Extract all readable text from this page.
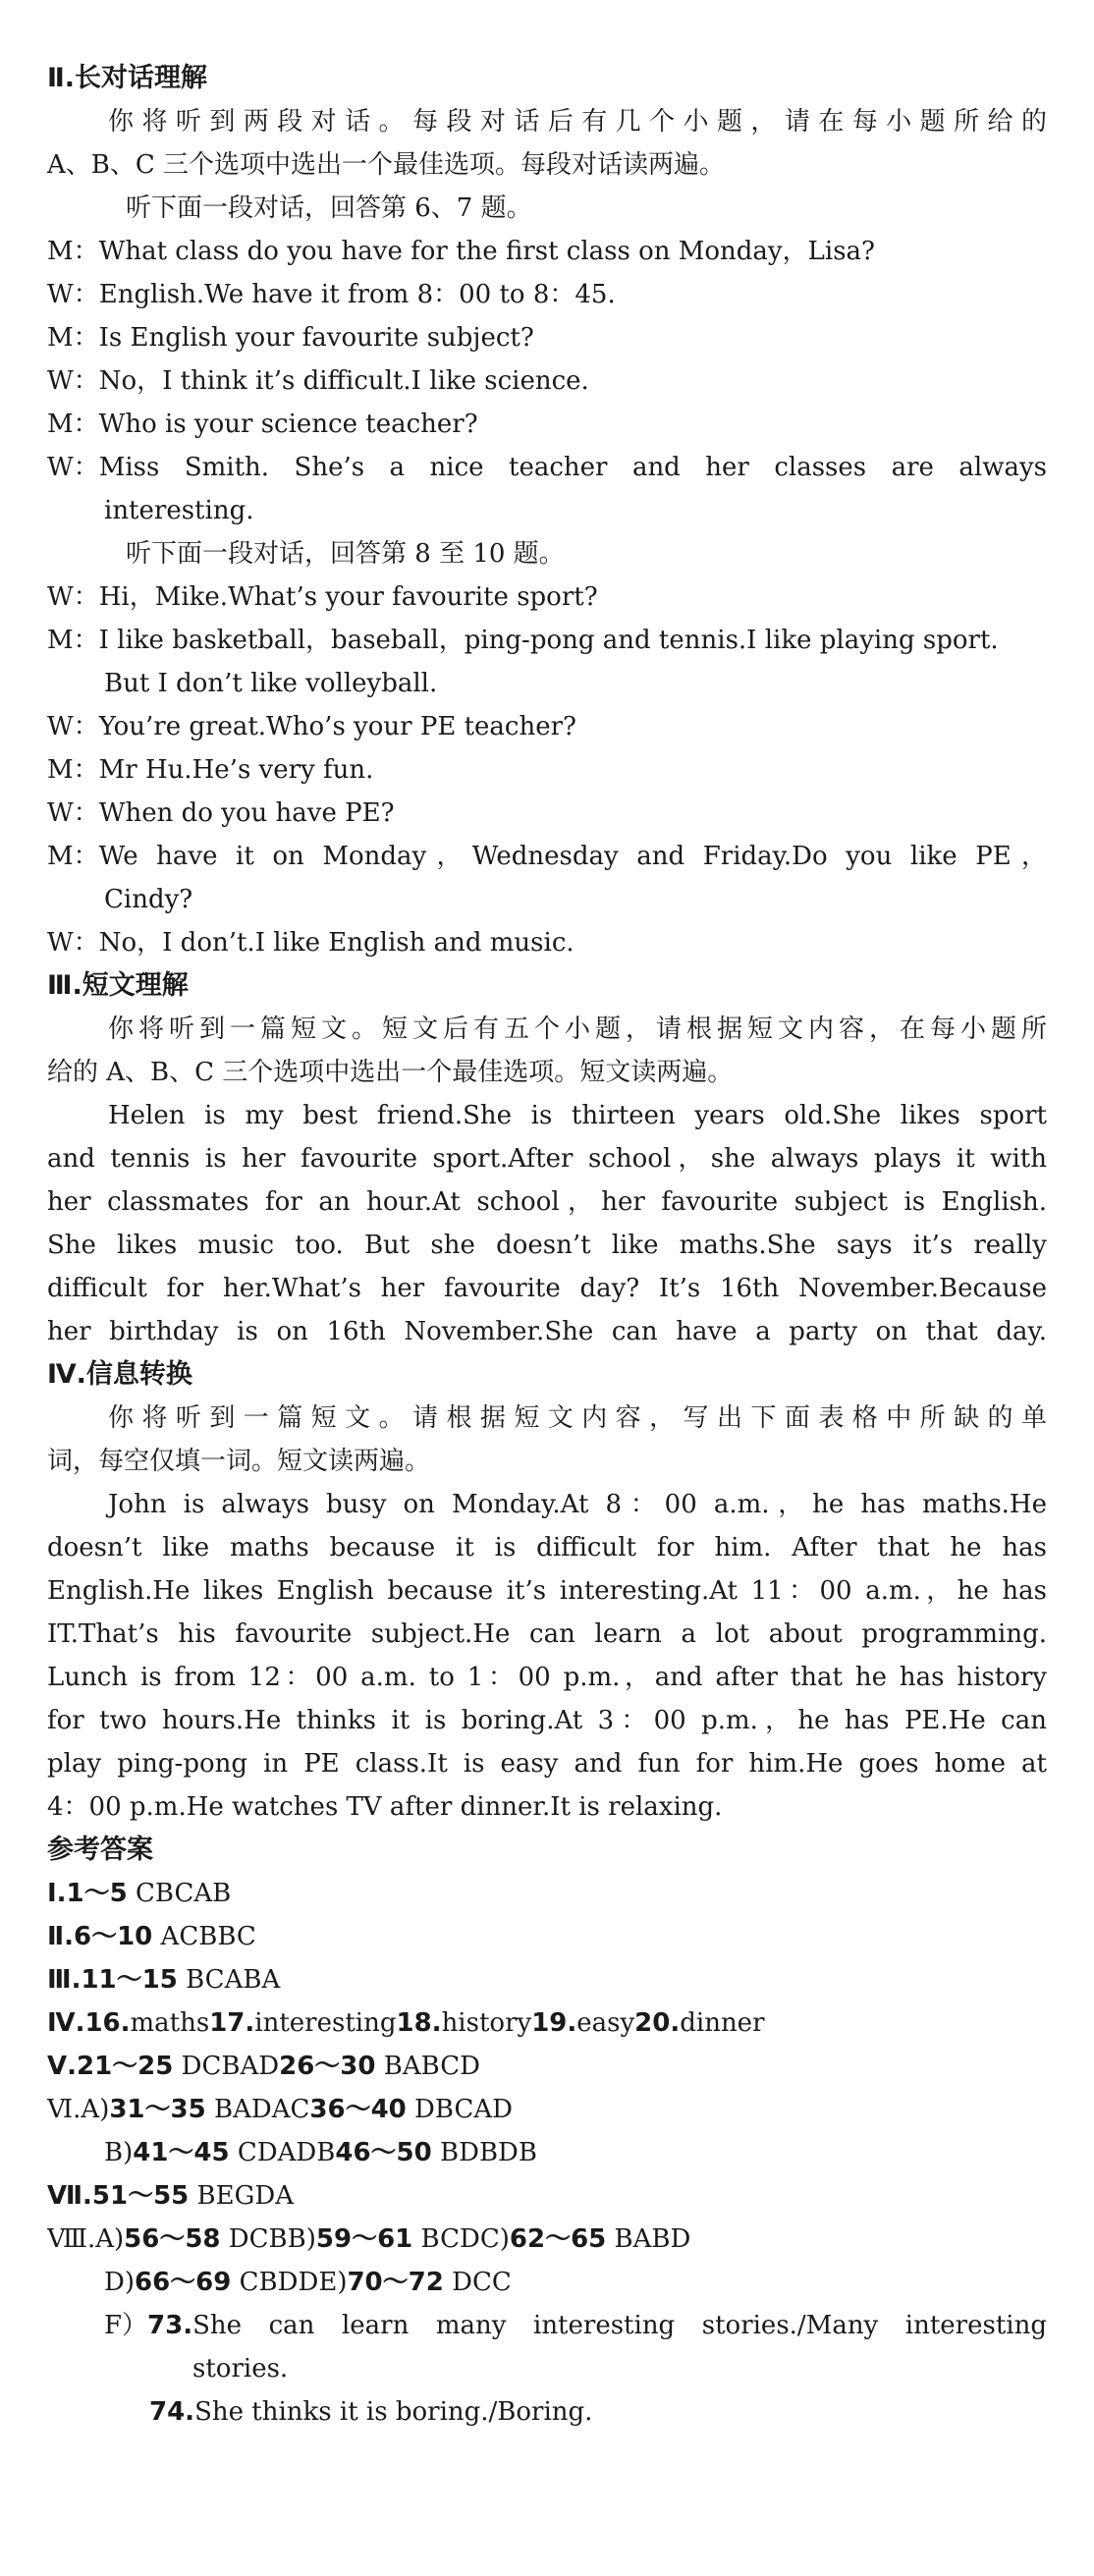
Ⅱ.长对话理解
你将听到两段对话。每段对话后有几个小题，请在每小题所给的
A、B、C 三个选项中选出一个最佳选项。每段对话读两遍。
听下面一段对话，回答第 6、7 题。
M： What class do you have for the first class on Monday，Lisa?
W： English.We have it from 8：00 to 8：45.
M： Is English your favourite subject?
W： No，I think it’s difficult.I like science.
M： Who is your science teacher?
W： Miss Smith. She’s a nice teacher and her classes are always
interesting.
听下面一段对话，回答第 8 至 10 题。
W： Hi，Mike.What’s your favourite sport?
M： I like basketball，baseball，ping-pong and tennis.I like playing sport.
But I don’t like volleyball.
W： You’re great.Who’s your PE teacher?
M： Mr Hu.He’s very fun.
W： When do you have PE?
M： We have it on Monday，Wednesday and Friday.Do you like PE，
Cindy?
W： No，I don’t.I like English and music.
Ⅲ.短文理解
你将听到一篇短文。短文后有五个小题，请根据短文内容，在每小题所
给的 A、B、C 三个选项中选出一个最佳选项。短文读两遍。
Helen is my best friend.She is thirteen years old.She likes sport
and tennis is her favourite sport.After school，she always plays it with
her classmates for an hour.At school，her favourite subject is English.
She likes music too. But she doesn’t like maths.She says it’s really
difficult for her.What’s her favourite day? It’s 16th November.Because
her birthday is on 16th November.She can have a party on that day.
Ⅳ.信息转换
你将听到一篇短文。请根据短文内容，写出下面表格中所缺的单
词，每空仅填一词。短文读两遍。
John is always busy on Monday.At 8：00 a.m.，he has maths.He
doesn’t like maths because it is difficult for him. After that he has
English.He likes English because it’s interesting.At 11：00 a.m.，he has
IT.That’s his favourite subject.He can learn a lot about programming.
Lunch is from 12：00 a.m. to 1：00 p.m.，and after that he has history
for two hours.He thinks it is boring.At 3：00 p.m.，he has PE.He can
play ping-pong in PE class.It is easy and fun for him.He goes home at
4：00 p.m.He watches TV after dinner.It is relaxing.
参考答案
Ⅰ.1～5 CBCAB
Ⅱ.6～10 ACBBC
Ⅲ.11～15 BCABA
Ⅳ.16.maths17.interesting18.history19.easy20.dinner
Ⅴ.21～25 DCBAD26～30 BABCD
Ⅵ.A)31～35 BADAC36～40 DBCAD
B)41～45 CDADB46～50 BDBDB
Ⅶ.51～55 BEGDA
Ⅷ.A)56～58 DCBB)59～61 BCDC)62～65 BABD
D)66～69 CBDDE)70～72 DCC
F） 73. She can learn many interesting stories./Many interesting
stories.
74.She thinks it is boring./Boring.
